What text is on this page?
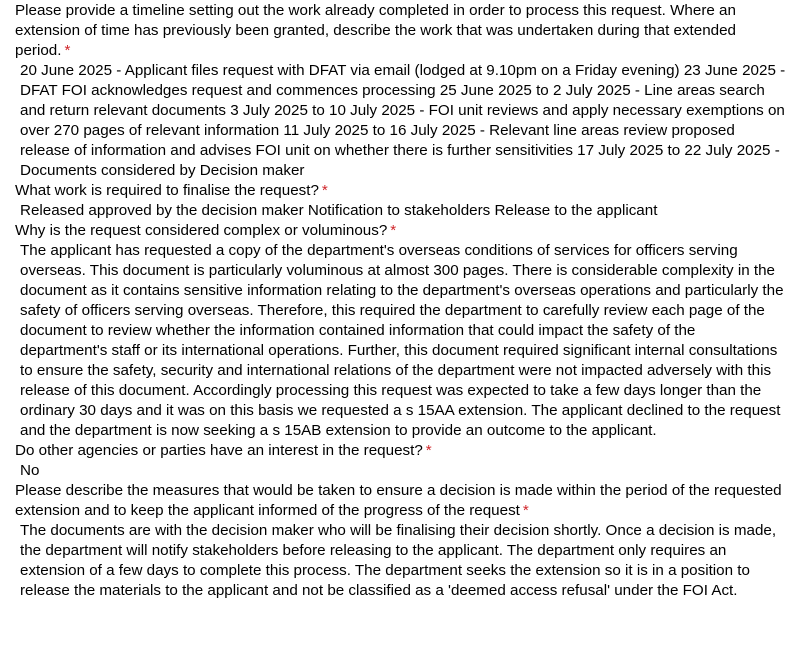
Please provide a timeline setting out the work already completed in order to process this request. Where an extension of time has previously been granted, describe the work that was undertaken during that extended period. *

20 June 2025 - Applicant files request with DFAT via email (lodged at 9.10pm on a Friday evening) 23 June 2025 - DFAT FOI acknowledges request and commences processing 25 June 2025 to 2 July 2025 - Line areas search and return relevant documents 3 July 2025 to 10 July 2025 - FOI unit reviews and apply necessary exemptions on over 270 pages of relevant information 11 July 2025 to 16 July 2025 - Relevant line areas review proposed release of information and advises FOI unit on whether there is further sensitivities 17 July 2025 to 22 July 2025 - Documents considered by Decision maker

What work is required to finalise the request? *

Released approved by the decision maker Notification to stakeholders Release to the applicant

Why is the request considered complex or voluminous? *

The applicant has requested a copy of the department's overseas conditions of services for officers serving overseas. This document is particularly voluminous at almost 300 pages. There is considerable complexity in the document as it contains sensitive information relating to the department's overseas operations and particularly the safety of officers serving overseas. Therefore, this required the department to carefully review each page of the document to review whether the information contained information that could impact the safety of the department's staff or its international operations. Further, this document required significant internal consultations to ensure the safety, security and international relations of the department were not impacted adversely with this release of this document. Accordingly processing this request was expected to take a few days longer than the ordinary 30 days and it was on this basis we requested a s 15AA extension. The applicant declined to the request and the department is now seeking a s 15AB extension to provide an outcome to the applicant.

Do other agencies or parties have an interest in the request? *

No

Please describe the measures that would be taken to ensure a decision is made within the period of the requested extension and to keep the applicant informed of the progress of the request *

The documents are with the decision maker who will be finalising their decision shortly. Once a decision is made, the department will notify stakeholders before releasing to the applicant. The department only requires an extension of a few days to complete this process. The department seeks the extension so it is in a position to release the materials to the applicant and not be classified as a 'deemed access refusal' under the FOI Act.
